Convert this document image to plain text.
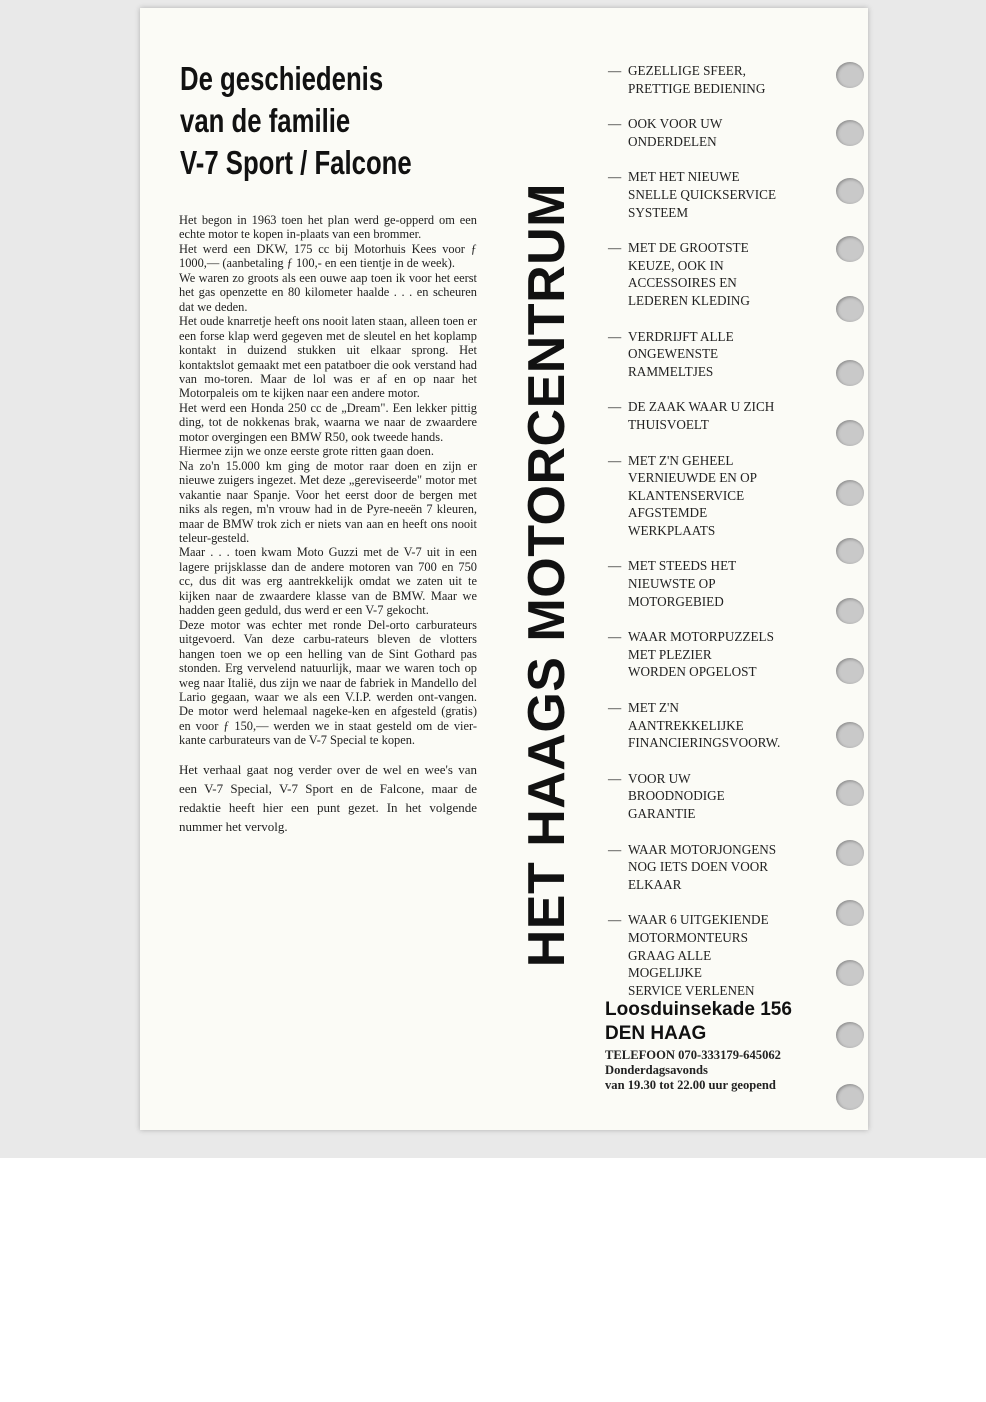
De geschiedenis
van de familie
V-7 Sport / Falcone

Het begon in 1963 toen het plan werd ge-opperd om een echte motor te kopen in-plaats van een brommer.

Het werd een DKW, 175 cc bij Motorhuis Kees voor ƒ 1000,— (aanbetaling ƒ 100,- en een tientje in de week).

We waren zo groots als een ouwe aap toen ik voor het eerst het gas openzette en 80 kilometer haalde . . . en scheuren dat we deden.

Het oude knarretje heeft ons nooit laten staan, alleen toen er een forse klap werd gegeven met de sleutel en het koplamp kontakt in duizend stukken uit elkaar sprong. Het kontaktslot gemaakt met een patatboer die ook verstand had van mo-toren. Maar de lol was er af en op naar het Motorpaleis om te kijken naar een andere motor.

Het werd een Honda 250 cc de „Dream". Een lekker pittig ding, tot de nokkenas brak, waarna we naar de zwaardere motor overgingen een BMW R50, ook tweede hands.

Hiermee zijn we onze eerste grote ritten gaan doen.

Na zo'n 15.000 km ging de motor raar doen en zijn er nieuwe zuigers ingezet. Met deze „gereviseerde" motor met vakantie naar Spanje. Voor het eerst door de bergen met niks als regen, m'n vrouw had in de Pyre-neeën 7 kleuren, maar de BMW trok zich er niets van aan en heeft ons nooit teleur-gesteld.

Maar . . . toen kwam Moto Guzzi met de V-7 uit in een lagere prijsklasse dan de andere motoren van 700 en 750 cc, dus dit was erg aantrekkelijk omdat we zaten uit te kijken naar de zwaardere klasse van de BMW. Maar we hadden geen geduld, dus werd er een V-7 gekocht.

Deze motor was echter met ronde Del-orto carburateurs uitgevoerd. Van deze carbu-rateurs bleven de vlotters hangen toen we op een helling van de Sint Gothard pas stonden. Erg vervelend natuurlijk, maar we waren toch op weg naar Italië, dus zijn we naar de fabriek in Mandello del Lario gegaan, waar we als een V.I.P. werden ont-vangen. De motor werd helemaal nageke-ken en afgesteld (gratis) en voor ƒ 150,— werden we in staat gesteld om de vier-kante carburateurs van de V-7 Special te kopen.

Het verhaal gaat nog verder over de wel en wee's van een V-7 Special, V-7 Sport en de Falcone, maar de redaktie heeft hier een punt gezet. In het volgende nummer het vervolg.	HET HAAGS MOTORCENTRUM
— GEZELLIGE SFEER,
PRETTIGE BEDIENING
— OOK VOOR UW
ONDERDELEN
— MET HET NIEUWE
SNELLE QUICKSERVICE
SYSTEEM
— MET DE GROOTSTE
KEUZE, OOK IN
ACCESSOIRES EN
LEDEREN KLEDING
— VERDRIJFT ALLE
ONGEWENSTE
RAMMELTJES
— DE ZAAK WAAR U ZICH
THUISVOELT
— MET Z'N GEHEEL
VERNIEUWDE EN OP
KLANTENSERVICE
AFGSTEMDE
WERKPLAATS
— MET STEEDS HET
NIEUWSTE OP
MOTORGEBIED
— WAAR MOTORPUZZELS
MET PLEZIER
WORDEN OPGELOST
— MET Z'N
AANTREKKELIJKE
FINANCIERINGSVOORW.
— VOOR UW
BROODNODIGE
GARANTIE
— WAAR MOTORJONGENS
NOG IETS DOEN VOOR
ELKAAR
— WAAR 6 UITGEKIENDE
MOTORMONTEURS
GRAAG ALLE
MOGELIJKE
SERVICE VERLENEN
Loosduinsekade 156
DEN HAAG
TELEFOON 070-333179-645062
Donderdagsavonds
van 19.30 tot 22.00 uur geopend
